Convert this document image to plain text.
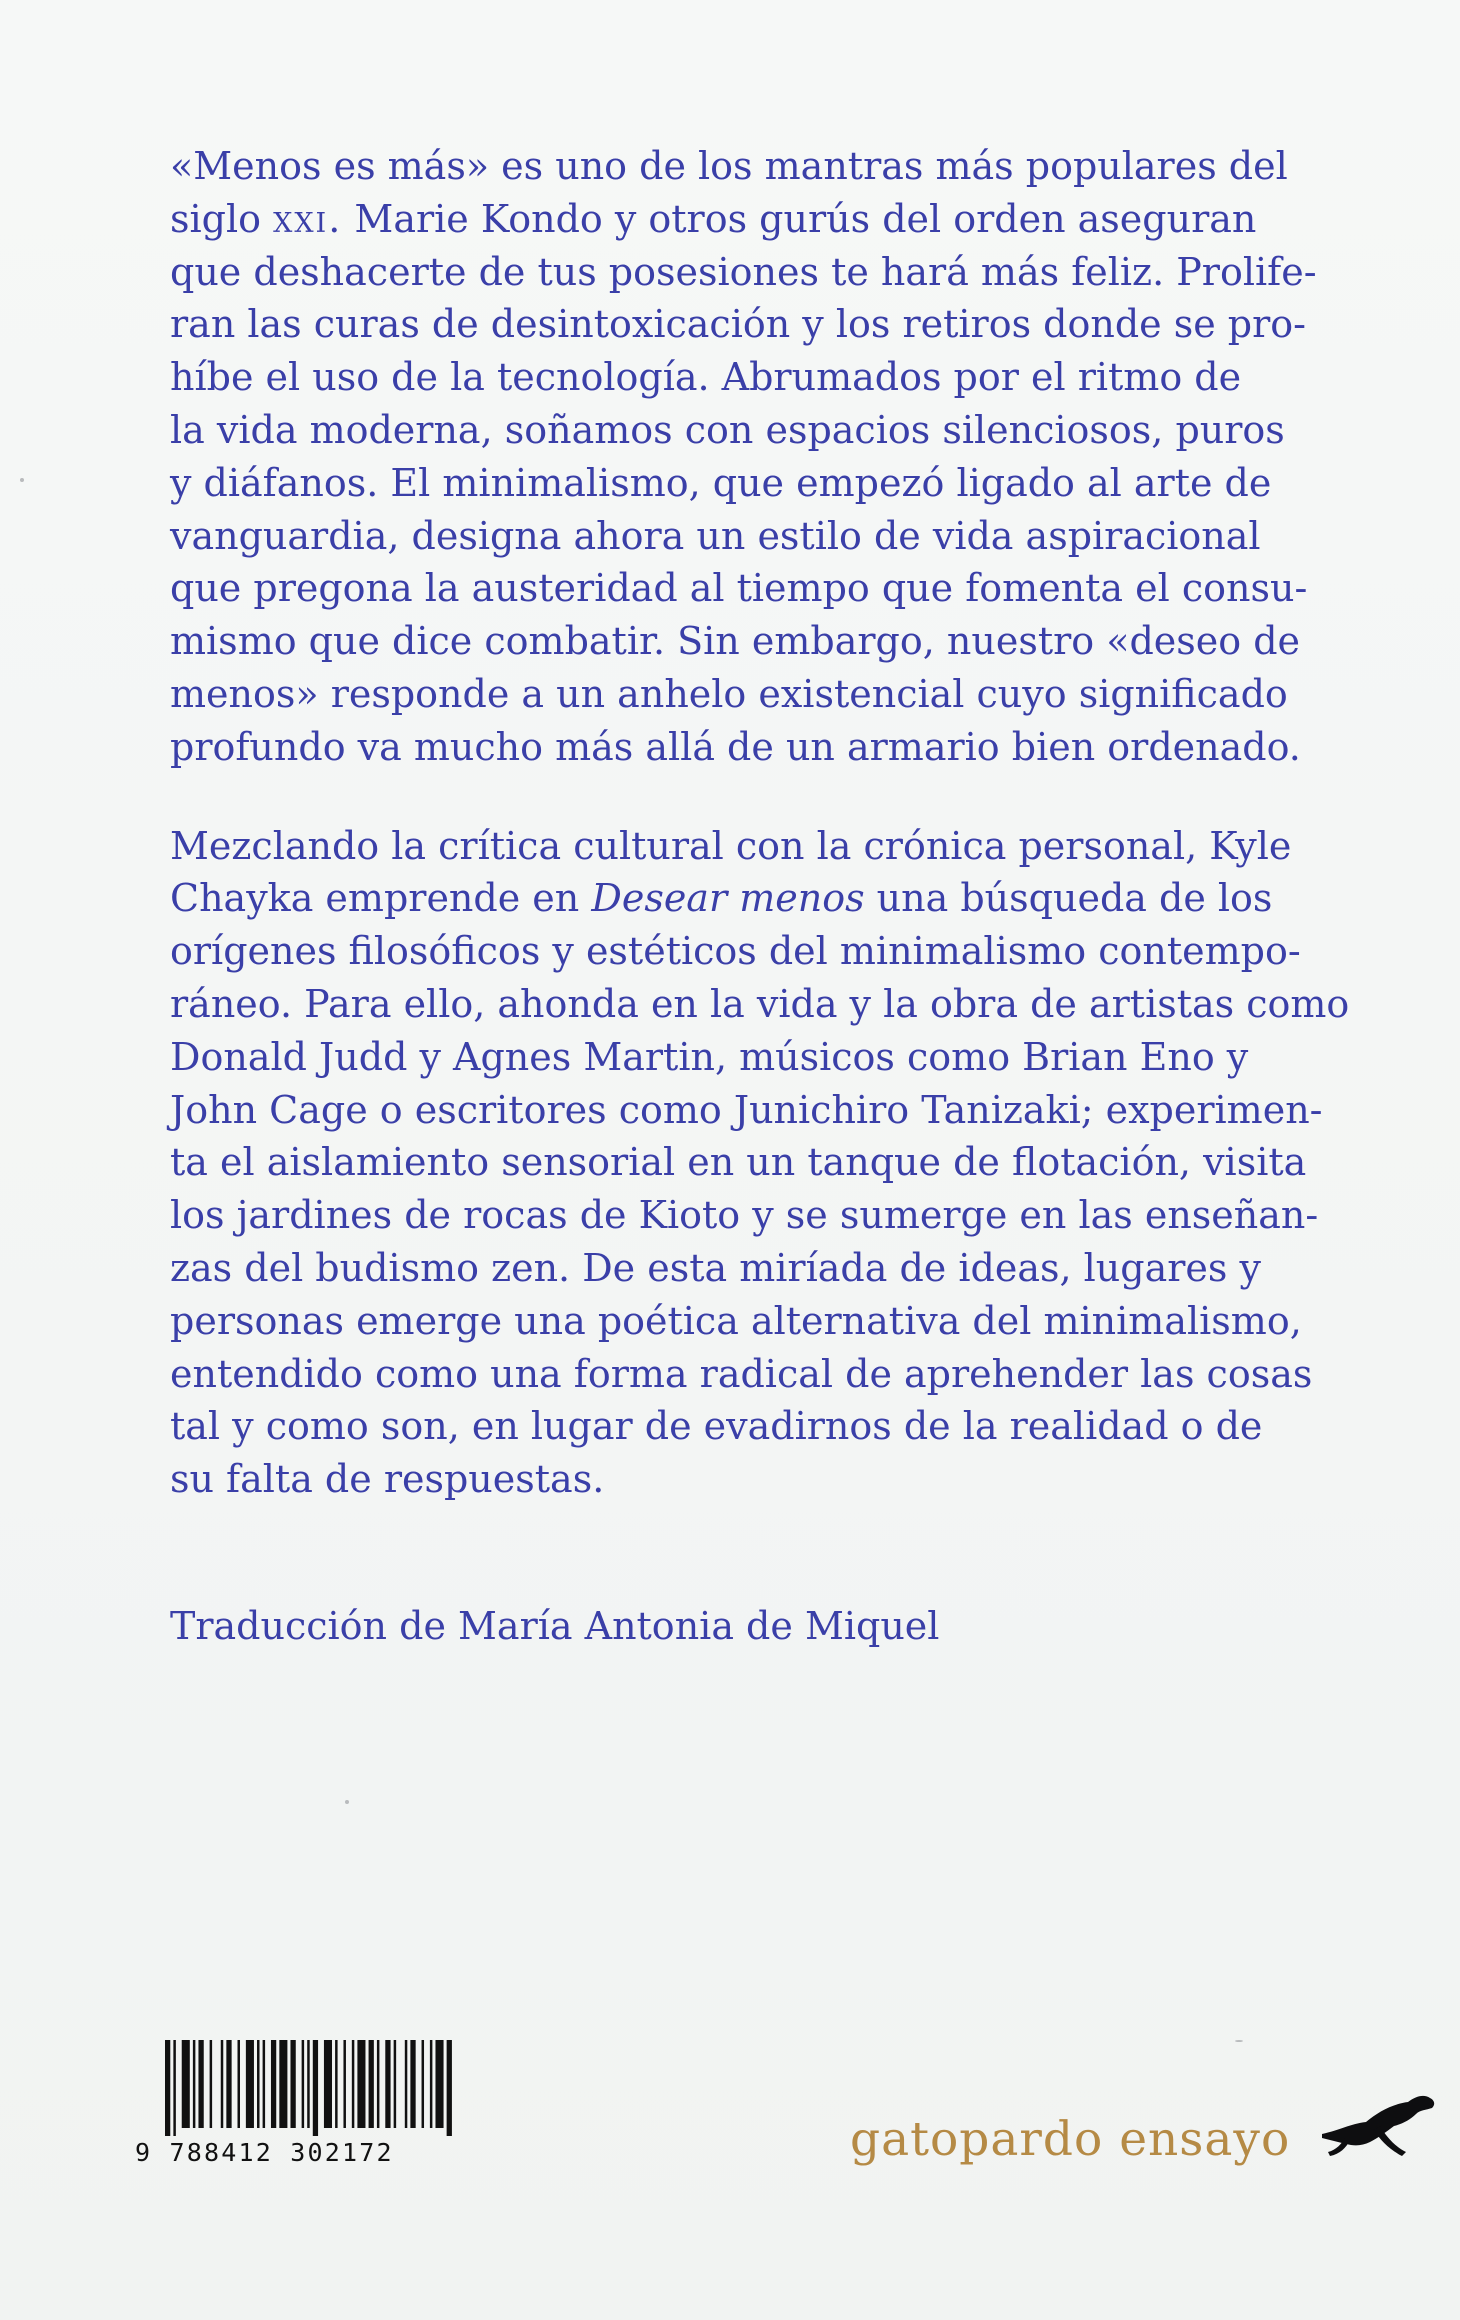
«Menos es más» es uno de los mantras más populares del
siglo xxi. Marie Kondo y otros gurús del orden aseguran
que deshacerte de tus posesiones te hará más feliz. Prolife-
ran las curas de desintoxicación y los retiros donde se pro-
híbe el uso de la tecnología. Abrumados por el ritmo de
la vida moderna, soñamos con espacios silenciosos, puros
y diáfanos. El minimalismo, que empezó ligado al arte de
vanguardia, designa ahora un estilo de vida aspiracional
que pregona la austeridad al tiempo que fomenta el consu-
mismo que dice combatir. Sin embargo, nuestro «deseo de
menos» responde a un anhelo existencial cuyo significado
profundo va mucho más allá de un armario bien ordenado.

Mezclando la crítica cultural con la crónica personal, Kyle
Chayka emprende en Desear menos una búsqueda de los
orígenes filosóficos y estéticos del minimalismo contempo-
ráneo. Para ello, ahonda en la vida y la obra de artistas como
Donald Judd y Agnes Martin, músicos como Brian Eno y
John Cage o escritores como Junichiro Tanizaki; experimen-
ta el aislamiento sensorial en un tanque de flotación, visita
los jardines de rocas de Kioto y se sumerge en las enseñan-
zas del budismo zen. De esta miríada de ideas, lugares y
personas emerge una poética alternativa del minimalismo,
entendido como una forma radical de aprehender las cosas
tal y como son, en lugar de evadirnos de la realidad o de
su falta de respuestas.

Traducción de María Antonia de Miquel
9 788412 302172	gatopardo ensayo
